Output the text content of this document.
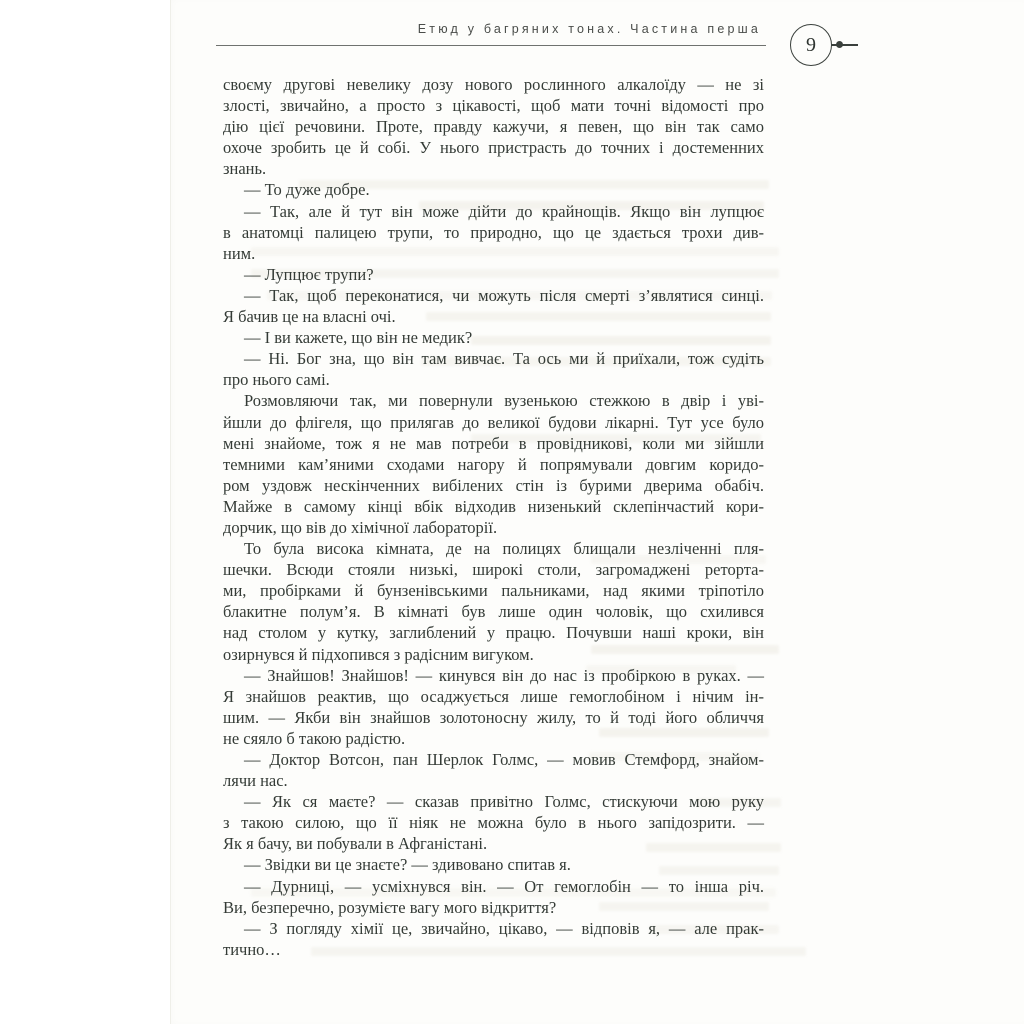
Етюд у багряних тонах. Частина перша
9
своєму другові невелику дозу нового рослинного алкалоїду — не зі
злості, звичайно, а просто з цікавості, щоб мати точні відомості про
дію цієї речовини. Проте, правду кажучи, я певен, що він так само
охоче зробить це й собі. У нього пристрасть до точних і достеменних
знань.
— То дуже добре.
— Так, але й тут він може дійти до крайнощів. Якщо він лупцює
в анатомці палицею трупи, то природно, що це здається трохи див-
ним.
— Лупцює трупи?
— Так, щоб переконатися, чи можуть після смерті з’являтися синці.
Я бачив це на власні очі.
— І ви кажете, що він не медик?
— Ні. Бог зна, що він там вивчає. Та ось ми й приїхали, тож судіть
про нього самі.
Розмовляючи так, ми повернули вузенькою стежкою в двір і уві-
йшли до флігеля, що прилягав до великої будови лікарні. Тут усе було
мені знайоме, тож я не мав потреби в провідникові, коли ми зійшли
темними кам’яними сходами нагору й попрямували довгим коридо-
ром уздовж нескінченних вибілених стін із бурими дверима обабіч.
Майже в самому кінці вбік відходив низенький склепінчастий кори-
дорчик, що вів до хімічної лабораторії.
То була висока кімната, де на полицях блищали незліченні пля-
шечки. Всюди стояли низькі, широкі столи, загромаджені реторта-
ми, пробірками й бунзенівськими пальниками, над якими тріпотіло
блакитне полум’я. В кімнаті був лише один чоловік, що схилився
над столом у кутку, заглиблений у працю. Почувши наші кроки, він
озирнувся й підхопився з радісним вигуком.
— Знайшов! Знайшов! — кинувся він до нас із пробіркою в руках. —
Я знайшов реактив, що осаджується лише гемоглобіном і нічим ін-
шим. — Якби він знайшов золотоносну жилу, то й тоді його обличчя
не сяяло б такою радістю.
— Доктор Вотсон, пан Шерлок Голмс, — мовив Стемфорд, знайом-
лячи нас.
— Як ся маєте? — сказав привітно Голмс, стискуючи мою руку
з такою силою, що її ніяк не можна було в нього запідозрити. —
Як я бачу, ви побували в Афганістані.
— Звідки ви це знаєте? — здивовано спитав я.
— Дурниці, — усміхнувся він. — От гемоглобін — то інша річ.
Ви, безперечно, розумієте вагу мого відкриття?
— З погляду хімії це, звичайно, цікаво, — відповів я, — але прак-
тично…
